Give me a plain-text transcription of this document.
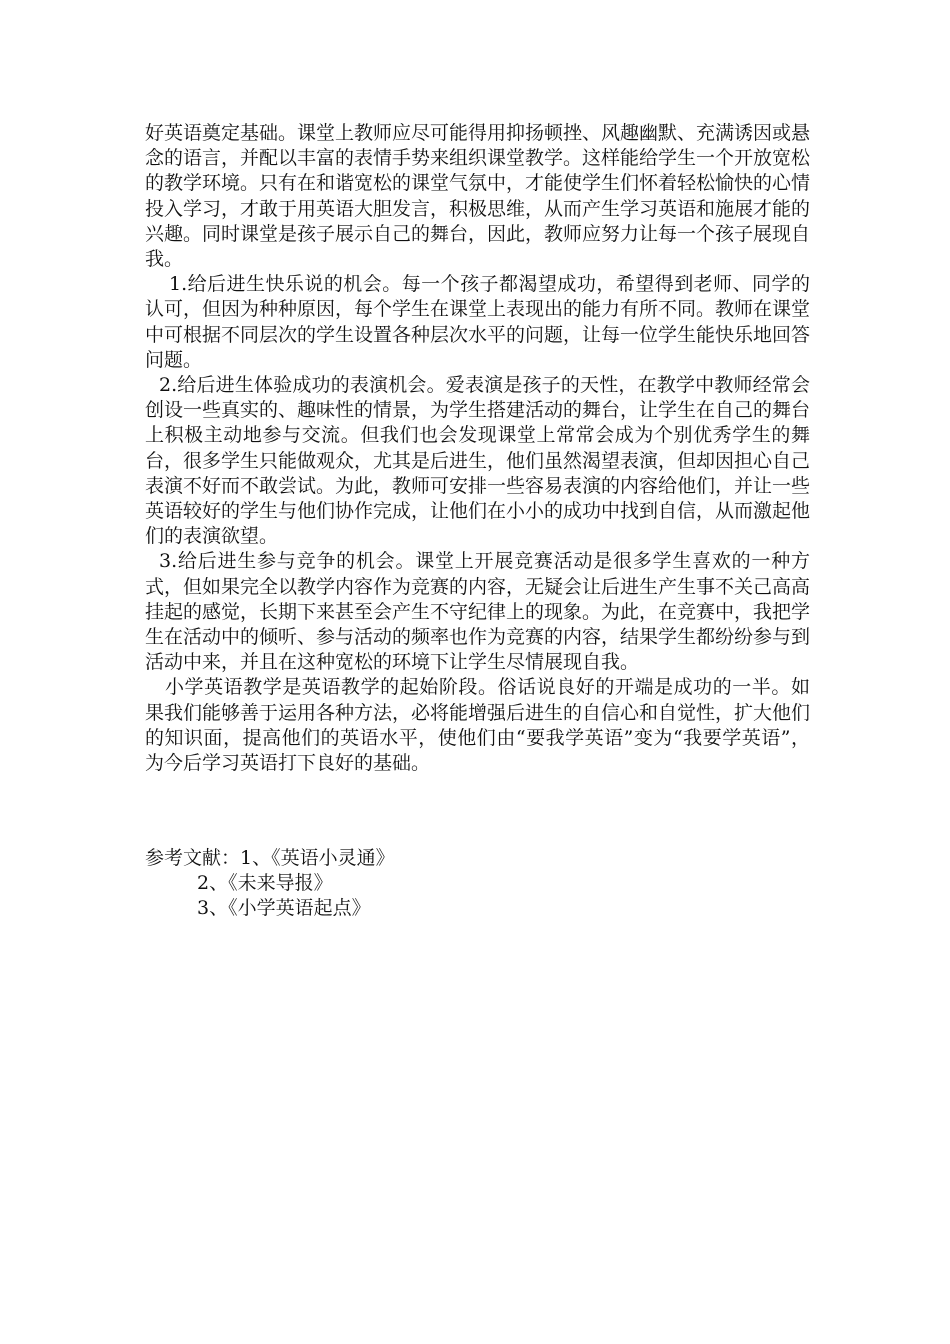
好英语奠定基础。课堂上教师应尽可能得用抑扬顿挫、风趣幽默、充满诱因或悬念的语言，并配以丰富的表情手势来组织课堂教学。这样能给学生一个开放宽松的教学环境。只有在和谐宽松的课堂气氛中，才能使学生们怀着轻松愉快的心情投入学习，才敢于用英语大胆发言，积极思维，从而产生学习英语和施展才能的兴趣。同时课堂是孩子展示自己的舞台，因此，教师应努力让每一个孩子展现自我。

1.给后进生快乐说的机会。每一个孩子都渴望成功，希望得到老师、同学的认可，但因为种种原因，每个学生在课堂上表现出的能力有所不同。教师在课堂中可根据不同层次的学生设置各种层次水平的问题，让每一位学生能快乐地回答问题。

2.给后进生体验成功的表演机会。爱表演是孩子的天性，在教学中教师经常会创设一些真实的、趣味性的情景，为学生搭建活动的舞台，让学生在自己的舞台上积极主动地参与交流。但我们也会发现课堂上常常会成为个别优秀学生的舞台，很多学生只能做观众，尤其是后进生，他们虽然渴望表演，但却因担心自己表演不好而不敢尝试。为此，教师可安排一些容易表演的内容给他们，并让一些英语较好的学生与他们协作完成，让他们在小小的成功中找到自信，从而激起他们的表演欲望。

3.给后进生参与竞争的机会。课堂上开展竞赛活动是很多学生喜欢的一种方式，但如果完全以教学内容作为竞赛的内容，无疑会让后进生产生事不关己高高挂起的感觉，长期下来甚至会产生不守纪律上的现象。为此，在竞赛中，我把学生在活动中的倾听、参与活动的频率也作为竞赛的内容，结果学生都纷纷参与到活动中来，并且在这种宽松的环境下让学生尽情展现自我。

小学英语教学是英语教学的起始阶段。俗话说良好的开端是成功的一半。如果我们能够善于运用各种方法，必将能增强后进生的自信心和自觉性，扩大他们的知识面，提高他们的英语水平，使他们由“要我学英语”变为“我要学英语”，为今后学习英语打下良好的基础。

参考文献：1、《英语小灵通》

2、《未来导报》

3、《小学英语起点》
